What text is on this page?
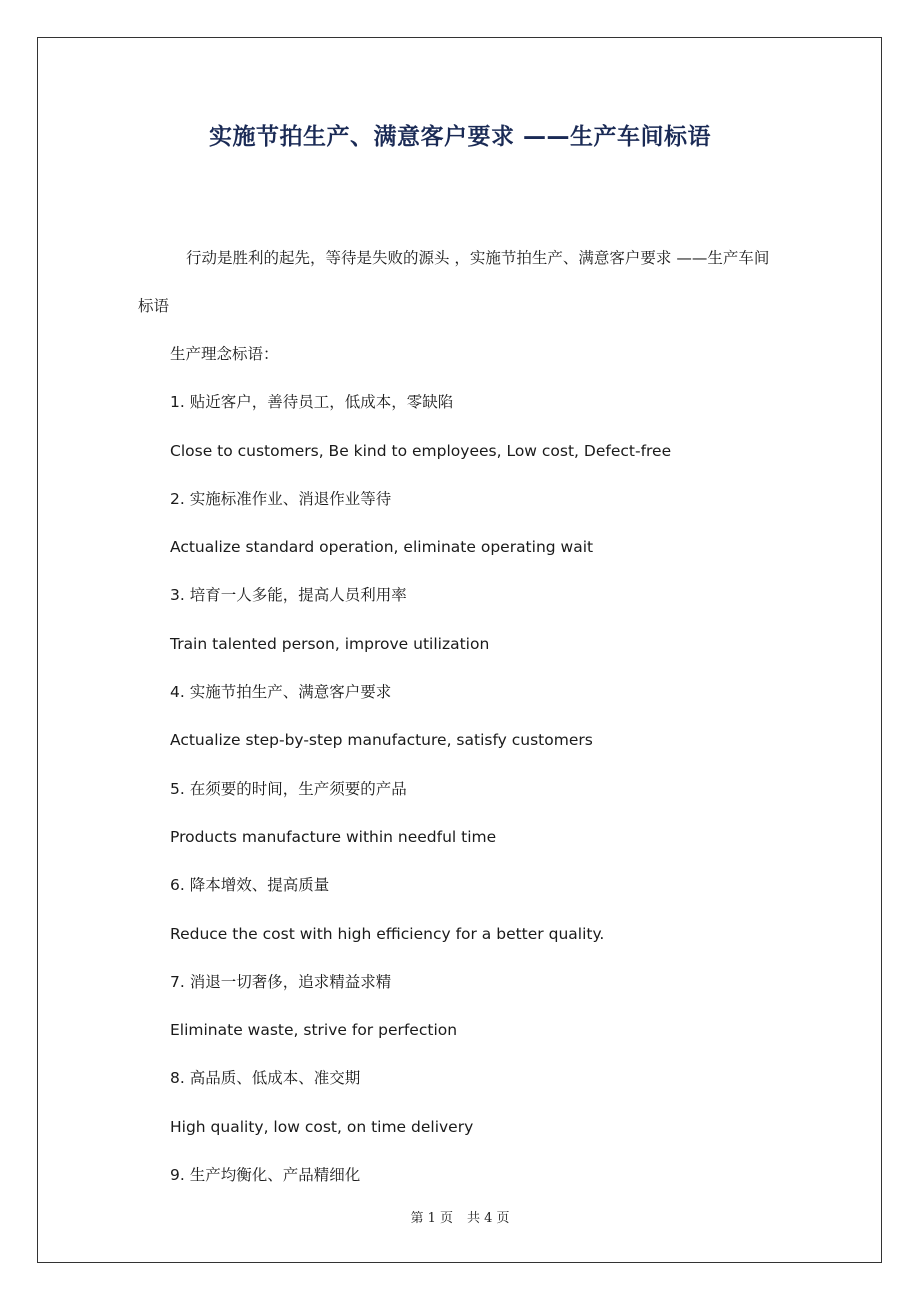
实施节拍生产、满意客户要求 ——生产车间标语
行动是胜利的起先，等待是失败的源头 ，实施节拍生产、满意客户要求 ——生产车间
标语
生产理念标语：
1. 贴近客户，善待员工，低成本，零缺陷
Close to customers, Be kind to employees, Low cost, Defect-free
2. 实施标准作业、消退作业等待
Actualize standard operation, eliminate operating wait
3. 培育一人多能，提高人员利用率
Train talented person, improve utilization
4. 实施节拍生产、满意客户要求
Actualize step-by-step manufacture, satisfy customers
5. 在须要的时间，生产须要的产品
Products manufacture within needful time
6. 降本增效、提高质量
Reduce the cost with high efficiency for a better quality.
7. 消退一切奢侈，追求精益求精
Eliminate waste, strive for perfection
8. 高品质、低成本、准交期
High quality, low cost, on time delivery
9. 生产均衡化、产品精细化
第 1 页 共 4 页
